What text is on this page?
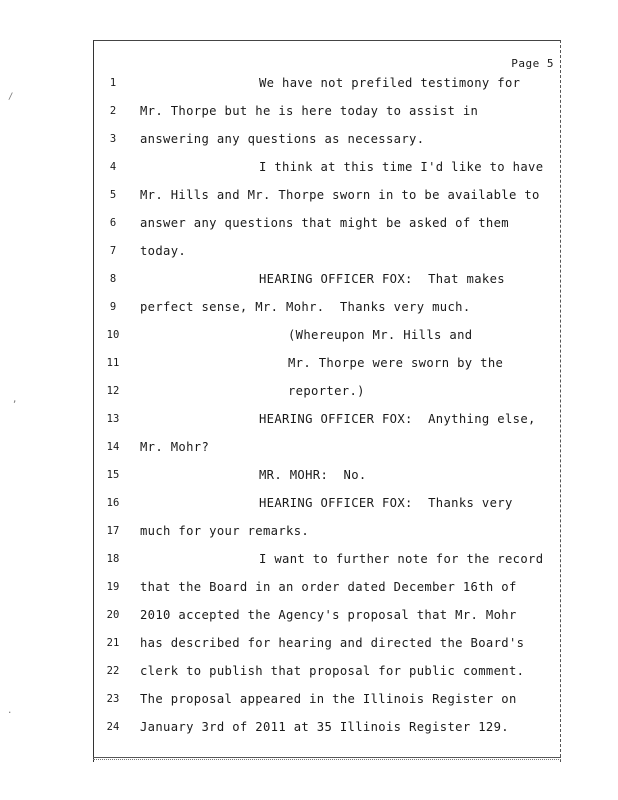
Page 5
1	We have not prefiled testimony for
2	Mr. Thorpe but he is here today to assist in
3	answering any questions as necessary.
4	I think at this time I'd like to have
5	Mr. Hills and Mr. Thorpe sworn in to be available to
6	answer any questions that might be asked of them
7	today.
8	HEARING OFFICER FOX:  That makes
9	perfect sense, Mr. Mohr.  Thanks very much.
10	(Whereupon Mr. Hills and
11	Mr. Thorpe were sworn by the
12	reporter.)
13	HEARING OFFICER FOX:  Anything else,
14	Mr. Mohr?
15	MR. MOHR:  No.
16	HEARING OFFICER FOX:  Thanks very
17	much for your remarks.
18	I want to further note for the record
19	that the Board in an order dated December 16th of
20	2010 accepted the Agency's proposal that Mr. Mohr
21	has described for hearing and directed the Board's
22	clerk to publish that proposal for public comment.
23	The proposal appeared in the Illinois Register on
24	January 3rd of 2011 at 35 Illinois Register 129.
/
,
.
